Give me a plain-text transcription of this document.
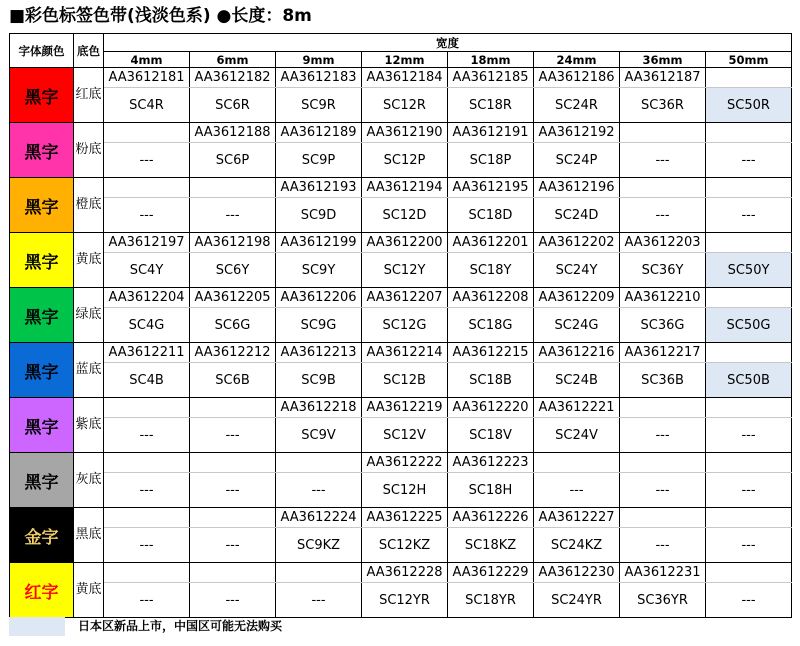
■彩色标签色带(浅淡色系) ●长度：8m
字体颜色	底色	宽度							
		4mm	6mm	9mm	12mm	18mm	24mm	36mm	50mm
黑字	红底	AA3612181	AA3612182	AA3612183	AA3612184	AA3612185	AA3612186	AA3612187	
		SC4R	SC6R	SC9R	SC12R	SC18R	SC24R	SC36R	SC50R
黑字	粉底		AA3612188	AA3612189	AA3612190	AA3612191	AA3612192		
		---	SC6P	SC9P	SC12P	SC18P	SC24P	---	---
黑字	橙底			AA3612193	AA3612194	AA3612195	AA3612196		
		---	---	SC9D	SC12D	SC18D	SC24D	---	---
黑字	黄底	AA3612197	AA3612198	AA3612199	AA3612200	AA3612201	AA3612202	AA3612203	
		SC4Y	SC6Y	SC9Y	SC12Y	SC18Y	SC24Y	SC36Y	SC50Y
黑字	绿底	AA3612204	AA3612205	AA3612206	AA3612207	AA3612208	AA3612209	AA3612210	
		SC4G	SC6G	SC9G	SC12G	SC18G	SC24G	SC36G	SC50G
黑字	蓝底	AA3612211	AA3612212	AA3612213	AA3612214	AA3612215	AA3612216	AA3612217	
		SC4B	SC6B	SC9B	SC12B	SC18B	SC24B	SC36B	SC50B
黑字	紫底			AA3612218	AA3612219	AA3612220	AA3612221		
		---	---	SC9V	SC12V	SC18V	SC24V	---	---
黑字	灰底				AA3612222	AA3612223			
		---	---	---	SC12H	SC18H	---	---	---
金字	黑底			AA3612224	AA3612225	AA3612226	AA3612227		
		---	---	SC9KZ	SC12KZ	SC18KZ	SC24KZ	---	---
红字	黄底				AA3612228	AA3612229	AA3612230	AA3612231	
		---	---	---	SC12YR	SC18YR	SC24YR	SC36YR	---
日本区新品上市，中国区可能无法购买
